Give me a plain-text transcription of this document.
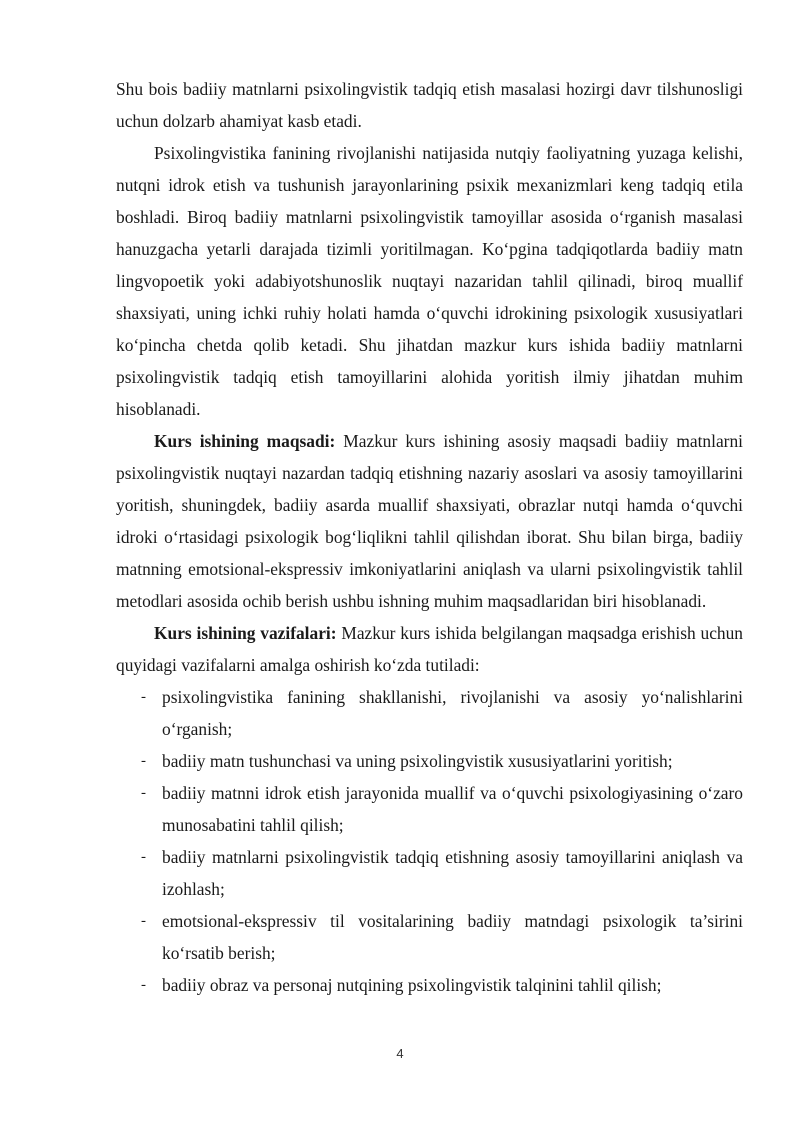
Shu bois badiiy matnlarni psixolingvistik tadqiq etish masalasi hozirgi davr tilshunosligi uchun dolzarb ahamiyat kasb etadi.

Psixolingvistika fanining rivojlanishi natijasida nutqiy faoliyatning yuzaga kelishi, nutqni idrok etish va tushunish jarayonlarining psixik mexanizmlari keng tadqiq etila boshladi. Biroq badiiy matnlarni psixolingvistik tamoyillar asosida o‘rganish masalasi hanuzgacha yetarli darajada tizimli yoritilmagan. Ko‘pgina tadqiqotlarda badiiy matn lingvopoetik yoki adabiyotshunoslik nuqtayi nazaridan tahlil qilinadi, biroq muallif shaxsiyati, uning ichki ruhiy holati hamda o‘quvchi idrokining psixologik xususiyatlari ko‘pincha chetda qolib ketadi. Shu jihatdan mazkur kurs ishida badiiy matnlarni psixolingvistik tadqiq etish tamoyillarini alohida yoritish ilmiy jihatdan muhim hisoblanadi.

Kurs ishining maqsadi: Mazkur kurs ishining asosiy maqsadi badiiy matnlarni psixolingvistik nuqtayi nazardan tadqiq etishning nazariy asoslari va asosiy tamoyillarini yoritish, shuningdek, badiiy asarda muallif shaxsiyati, obrazlar nutqi hamda o‘quvchi idroki o‘rtasidagi psixologik bog‘liqlikni tahlil qilishdan iborat. Shu bilan birga, badiiy matnning emotsional-ekspressiv imkoniyatlarini aniqlash va ularni psixolingvistik tahlil metodlari asosida ochib berish ushbu ishning muhim maqsadlaridan biri hisoblanadi.

Kurs ishining vazifalari: Mazkur kurs ishida belgilangan maqsadga erishish uchun quyidagi vazifalarni amalga oshirish ko‘zda tutiladi:

- psixolingvistika fanining shakllanishi, rivojlanishi va asosiy yo‘nalishlarini o‘rganish;
- badiiy matn tushunchasi va uning psixolingvistik xususiyatlarini yoritish;
- badiiy matnni idrok etish jarayonida muallif va o‘quvchi psixologiyasining o‘zaro munosabatini tahlil qilish;
- badiiy matnlarni psixolingvistik tadqiq etishning asosiy tamoyillarini aniqlash va izohlash;
- emotsional-ekspressiv til vositalarining badiiy matndagi psixologik ta’sirini ko‘rsatib berish;
- badiiy obraz va personaj nutqining psixolingvistik talqinini tahlil qilish;
4
